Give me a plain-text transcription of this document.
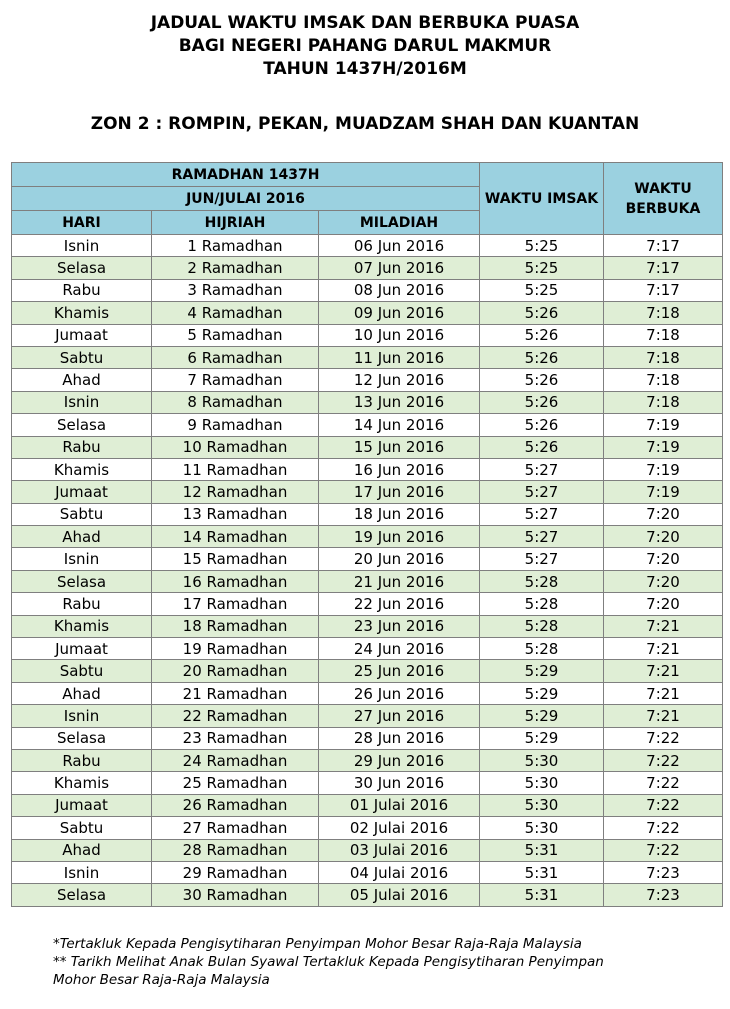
JADUAL WAKTU IMSAK DAN BERBUKA PUASA
BAGI NEGERI PAHANG DARUL MAKMUR
TAHUN 1437H/2016M
ZON 2 : ROMPIN, PEKAN, MUADZAM SHAH DAN KUANTAN
RAMADHAN 1437H			WAKTU IMSAK	WAKTU BERBUKA
JUN/JULAI 2016				
HARI	HIJRIAH	MILADIAH		
Isnin	1 Ramadhan	06 Jun 2016	5:25	7:17
Selasa	2 Ramadhan	07 Jun 2016	5:25	7:17
Rabu	3 Ramadhan	08 Jun 2016	5:25	7:17
Khamis	4 Ramadhan	09 Jun 2016	5:26	7:18
Jumaat	5 Ramadhan	10 Jun 2016	5:26	7:18
Sabtu	6 Ramadhan	11 Jun 2016	5:26	7:18
Ahad	7 Ramadhan	12 Jun 2016	5:26	7:18
Isnin	8 Ramadhan	13 Jun 2016	5:26	7:18
Selasa	9 Ramadhan	14 Jun 2016	5:26	7:19
Rabu	10 Ramadhan	15 Jun 2016	5:26	7:19
Khamis	11 Ramadhan	16 Jun 2016	5:27	7:19
Jumaat	12 Ramadhan	17 Jun 2016	5:27	7:19
Sabtu	13 Ramadhan	18 Jun 2016	5:27	7:20
Ahad	14 Ramadhan	19 Jun 2016	5:27	7:20
Isnin	15 Ramadhan	20 Jun 2016	5:27	7:20
Selasa	16 Ramadhan	21 Jun 2016	5:28	7:20
Rabu	17 Ramadhan	22 Jun 2016	5:28	7:20
Khamis	18 Ramadhan	23 Jun 2016	5:28	7:21
Jumaat	19 Ramadhan	24 Jun 2016	5:28	7:21
Sabtu	20 Ramadhan	25 Jun 2016	5:29	7:21
Ahad	21 Ramadhan	26 Jun 2016	5:29	7:21
Isnin	22 Ramadhan	27 Jun 2016	5:29	7:21
Selasa	23 Ramadhan	28 Jun 2016	5:29	7:22
Rabu	24 Ramadhan	29 Jun 2016	5:30	7:22
Khamis	25 Ramadhan	30 Jun 2016	5:30	7:22
Jumaat	26 Ramadhan	01 Julai 2016	5:30	7:22
Sabtu	27 Ramadhan	02 Julai 2016	5:30	7:22
Ahad	28 Ramadhan	03 Julai 2016	5:31	7:22
Isnin	29 Ramadhan	04 Julai 2016	5:31	7:23
Selasa	30 Ramadhan	05 Julai 2016	5:31	7:23
*Tertakluk Kepada Pengisytiharan Penyimpan Mohor Besar Raja-Raja Malaysia
** Tarikh Melihat Anak Bulan Syawal Tertakluk Kepada Pengisytiharan Penyimpan
Mohor Besar Raja-Raja Malaysia
